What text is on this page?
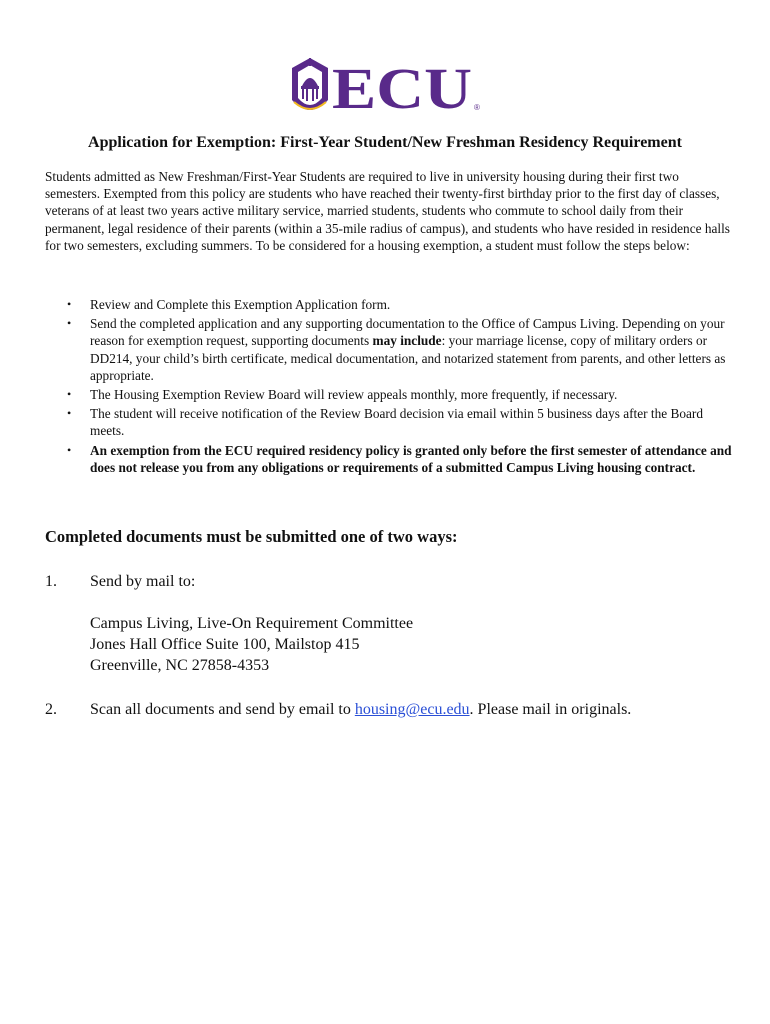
ECU ®
Application for Exemption: First-Year Student/New Freshman Residency Requirement
Students admitted as New Freshman/First-Year Students are required to live in university housing during their first two semesters. Exempted from this policy are students who have reached their twenty-first birthday prior to the first day of classes, veterans of at least two years active military service, married students, students who commute to school daily from their permanent, legal residence of their parents (within a 35-mile radius of campus), and students who have resided in residence halls for two semesters, excluding summers. To be considered for a housing exemption, a student must follow the steps below:
• Review and Complete this Exemption Application form.
• Send the completed application and any supporting documentation to the Office of Campus Living. Depending on your reason for exemption request, supporting documents may include: your marriage license, copy of military orders or DD214, your child’s birth certificate, medical documentation, and notarized statement from parents, and other letters as appropriate.
• The Housing Exemption Review Board will review appeals monthly, more frequently, if necessary.
• The student will receive notification of the Review Board decision via email within 5 business days after the Board meets.
• An exemption from the ECU required residency policy is granted only before the first semester of attendance and does not release you from any obligations or requirements of a submitted Campus Living housing contract.
Completed documents must be submitted one of two ways:
1. Send by mail to:
Campus Living, Live-On Requirement Committee
Jones Hall Office Suite 100, Mailstop 415
Greenville, NC 27858-4353
2. Scan all documents and send by email to housing@ecu.edu. Please mail in originals.
